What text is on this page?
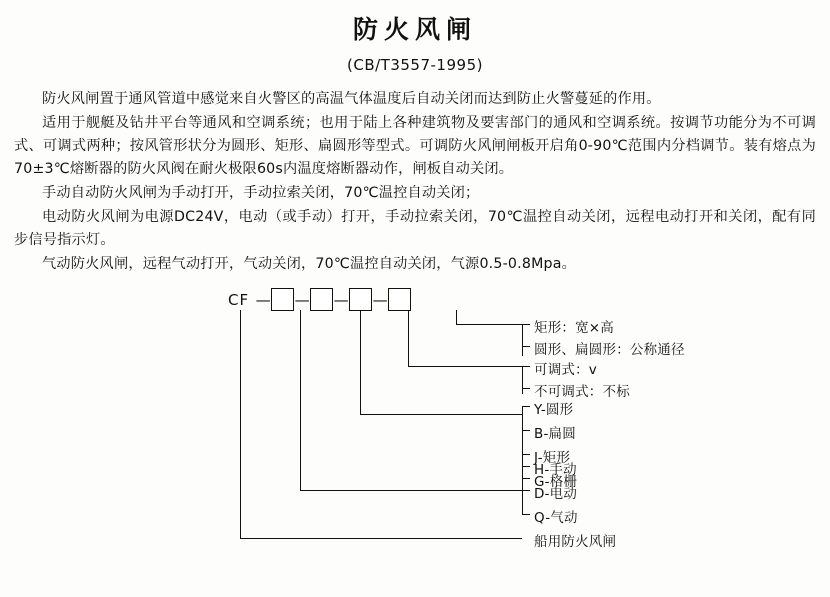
防火风闸
(CB/T3557-1995)

防火风闸置于通风管道中感觉来自火警区的高温气体温度后自动关闭而达到防止火警蔓延的作用。

适用于舰艇及钻井平台等通风和空调系统；也用于陆上各种建筑物及要害部门的通风和空调系统。按调节功能分为不可调式、可调式两种；按风管形状分为圆形、矩形、扁圆形等型式。可调防火风闸闸板开启角0-90℃范围内分档调节。装有熔点为70±3℃熔断器的防火风阀在耐火极限60s内温度熔断器动作，闸板自动关闭。

手动自动防火风闸为手动打开，手动拉索关闭，70℃温控自动关闭；

电动防火风闸为电源DC24V，电动（或手动）打开，手动拉索关闭，70℃温控自动关闭，远程电动打开和关闭，配有同步信号指示灯。

气动防火风闸，远程气动打开，气动关闭，70℃温控自动关闭，气源0.5-0.8Mpa。

CF — — — —
矩形：宽×高
圆形、扁圆形：公称通径
可调式：v
不可调式：不标
Y-圆形
B-扁圆
J-矩形
G-格栅
H-手动
D-电动
Q-气动
船用防火风闸
